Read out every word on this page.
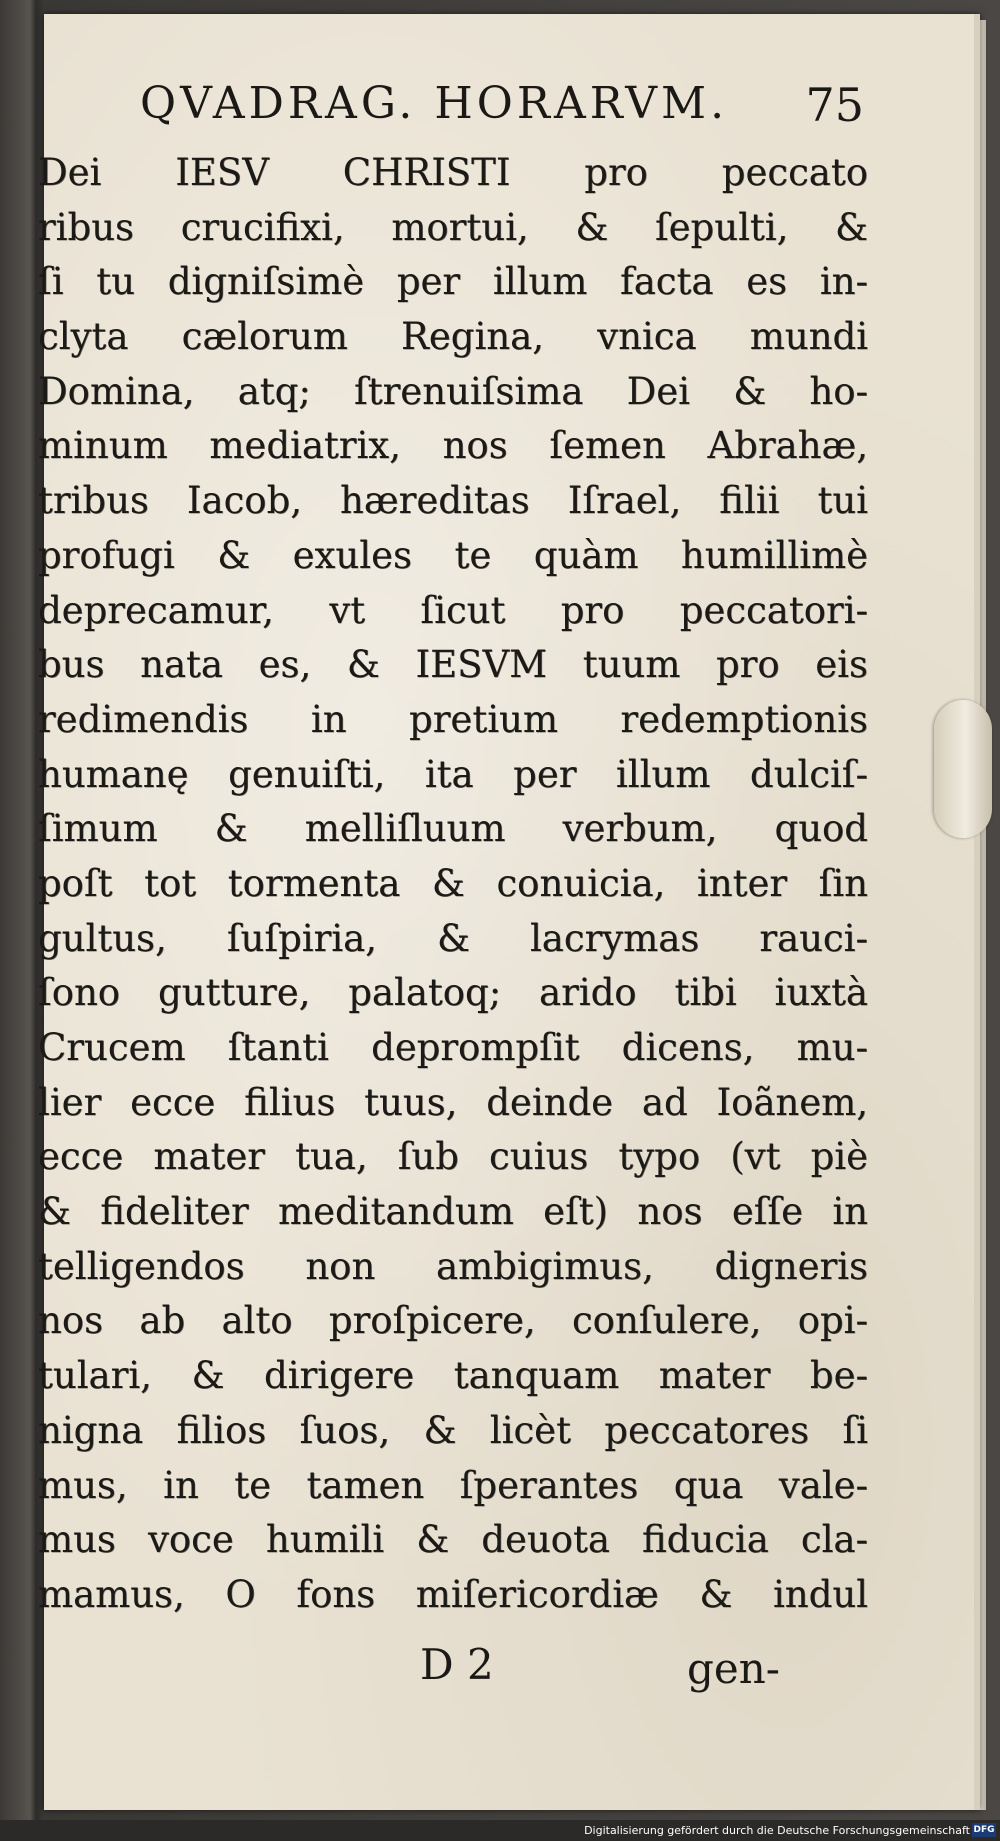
QVADRAG. HORARVM. 75
Dei IESV CHRISTI pro peccato
ribus crucifixi, mortui, & ſepulti, &
ſi tu digniſsimè per illum facta es in-
clyta cælorum Regina, vnica mundi
Domina, atq; ſtrenuiſsima Dei & ho-
minum mediatrix, nos ſemen Abrahæ,
tribus Iacob, hæreditas Iſrael, filii tui
profugi & exules te quàm humillimè
deprecamur, vt ſicut pro peccatori-
bus nata es, & IESVM tuum pro eis
redimendis in pretium redemptionis
humanę genuiſti, ita per illum dulciſ-
ſimum & melliſluum verbum, quod
poſt tot tormenta & conuicia, inter ſin
gultus, ſuſpiria, & lacrymas rauci-
ſono gutture, palatoq; arido tibi iuxtà
Crucem ſtanti deprompſit dicens, mu-
lier ecce filius tuus, deinde ad Ioãnem,
ecce mater tua, ſub cuius typo (vt piè
& fideliter meditandum eſt) nos eſſe in
telligendos non ambigimus, digneris
nos ab alto proſpicere, conſulere, opi-
tulari, & dirigere tanquam mater be-
nigna filios ſuos, & licèt peccatores ſi
mus, in te tamen ſperantes qua vale-
mus voce humili & deuota fiducia cla-
mamus, O fons miſericordiæ & indul
D 2	gen-
Digitalisierung gefördert durch die Deutsche Forschungsgemeinschaft DFG
